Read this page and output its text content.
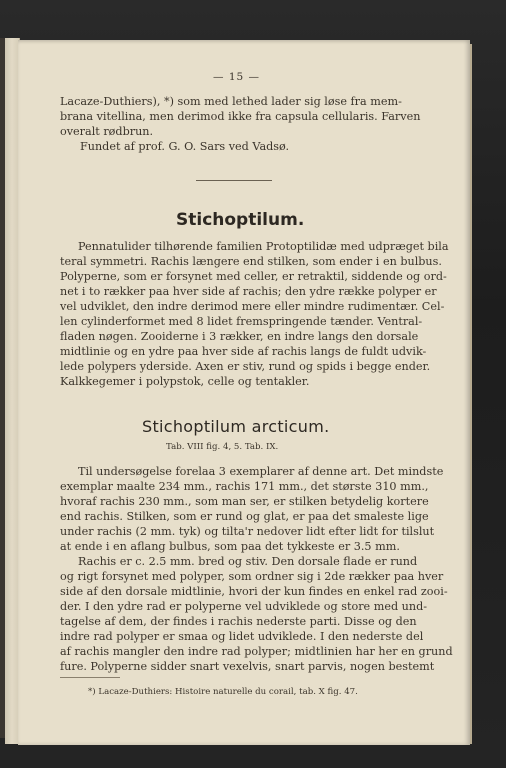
— 15 —
Lacaze-Duthiers), *) som med lethed lader sig løse fra mem-
brana vitellina, men derimod ikke fra capsula cellularis. Farven
overalt rødbrun.
Fundet af prof. G. O. Sars ved Vadsø.
Stichoptilum.
Pennatulider tilhørende familien Protoptilidæ med udpræget bila
teral symmetri. Rachis længere end stilken, som ender i en bulbus.
Polyperne, som er forsynet med celler, er retraktil, siddende og ord-
net i to rækker paa hver side af rachis; den ydre række polyper er
vel udviklet, den indre derimod mere eller mindre rudimentær. Cel-
len cylinderformet med 8 lidet fremspringende tænder. Ventral-
fladen nøgen. Zooiderne i 3 rækker, en indre langs den dorsale
midtlinie og en ydre paa hver side af rachis langs de fuldt udvik-
lede polypers yderside. Axen er stiv, rund og spids i begge ender.
Kalkkegemer i polypstok, celle og tentakler.
Stichoptilum arcticum.
Tab. VIII fig. 4, 5. Tab. IX.
Til undersøgelse forelaa 3 exemplarer af denne art. Det mindste
exemplar maalte 234 mm., rachis 171 mm., det største 310 mm.,
hvoraf rachis 230 mm., som man ser, er stilken betydelig kortere
end rachis. Stilken, som er rund og glat, er paa det smaleste lige
under rachis (2 mm. tyk) og tilta'r nedover lidt efter lidt for tilslut
at ende i en aflang bulbus, som paa det tykkeste er 3.5 mm.
Rachis er c. 2.5 mm. bred og stiv. Den dorsale flade er rund
og rigt forsynet med polyper, som ordner sig i 2de rækker paa hver
side af den dorsale midtlinie, hvori der kun findes en enkel rad zooi-
der. I den ydre rad er polyperne vel udviklede og store med und-
tagelse af dem, der findes i rachis nederste parti. Disse og den
indre rad polyper er smaa og lidet udviklede. I den nederste del
af rachis mangler den indre rad polyper; midtlinien har her en grund
fure. Polyperne sidder snart vexelvis, snart parvis, nogen bestemt
*) Lacaze-Duthiers: Histoire naturelle du corail, tab. X fig. 47.
